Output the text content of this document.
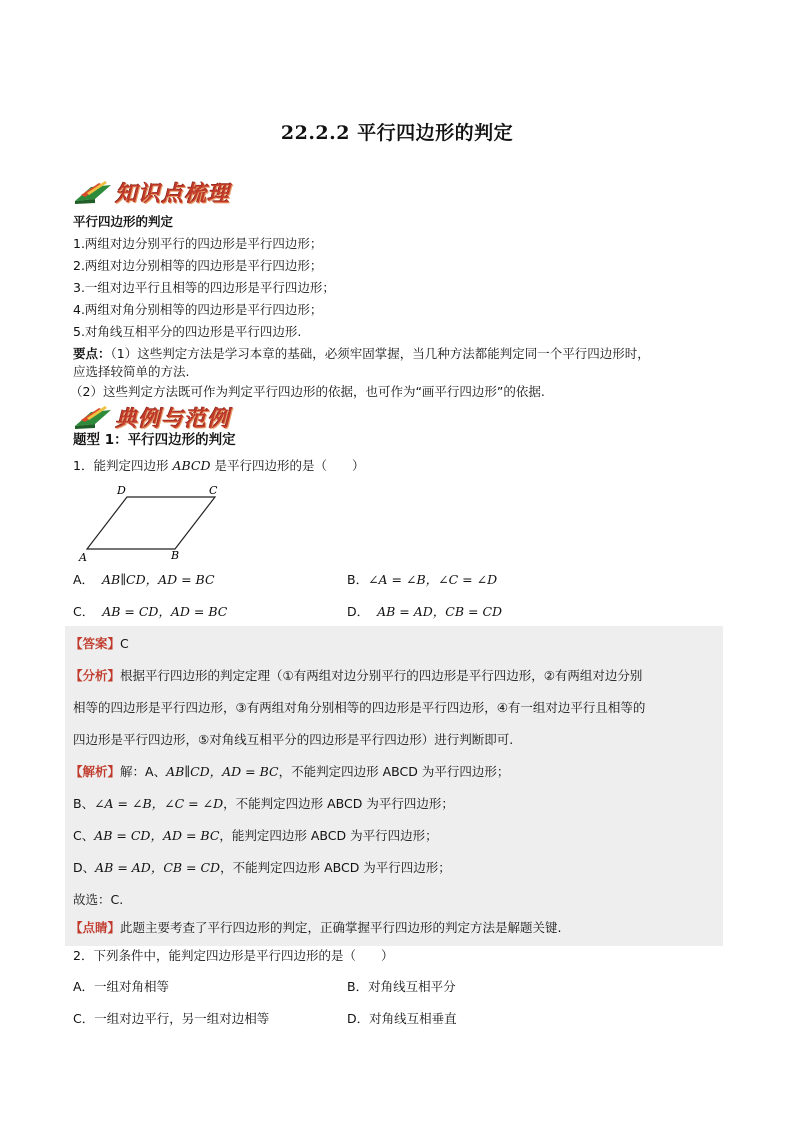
22.2.2 平行四边形的判定
知识点梳理
平行四边形的判定
1.两组对边分别平行的四边形是平行四边形；
2.两组对边分别相等的四边形是平行四边形；
3.一组对边平行且相等的四边形是平行四边形；
4.两组对角分别相等的四边形是平行四边形；
5.对角线互相平分的四边形是平行四边形.
要点：（1）这些判定方法是学习本章的基础，必须牢固掌握，当几种方法都能判定同一个平行四边形时，
应选择较简单的方法.
（2）这些判定方法既可作为判定平行四边形的依据，也可作为“画平行四边形”的依据.
典例与范例
题型 1：平行四边形的判定
1．能判定四边形 ABCD 是平行四边形的是（　　）
D	C
A	B
A． AB∥CD，AD = BC	B．∠A = ∠B，∠C = ∠D
C． AB = CD，AD = BC	D． AB = AD，CB = CD
【答案】C
【分析】根据平行四边形的判定定理（①有两组对边分别平行的四边形是平行四边形，②有两组对边分别
相等的四边形是平行四边形，③有两组对角分别相等的四边形是平行四边形，④有一组对边平行且相等的
四边形是平行四边形，⑤对角线互相平分的四边形是平行四边形）进行判断即可.
【解析】解：A、AB∥CD，AD = BC，不能判定四边形 ABCD 为平行四边形；
B、∠A = ∠B，∠C = ∠D，不能判定四边形 ABCD 为平行四边形；
C、AB = CD，AD = BC，能判定四边形 ABCD 为平行四边形；
D、AB = AD，CB = CD，不能判定四边形 ABCD 为平行四边形；
故选：C.
【点睛】此题主要考查了平行四边形的判定，正确掌握平行四边形的判定方法是解题关键.
2．下列条件中，能判定四边形是平行四边形的是（　　）
A．一组对角相等	B．对角线互相平分
C．一组对边平行，另一组对边相等	D．对角线互相垂直
